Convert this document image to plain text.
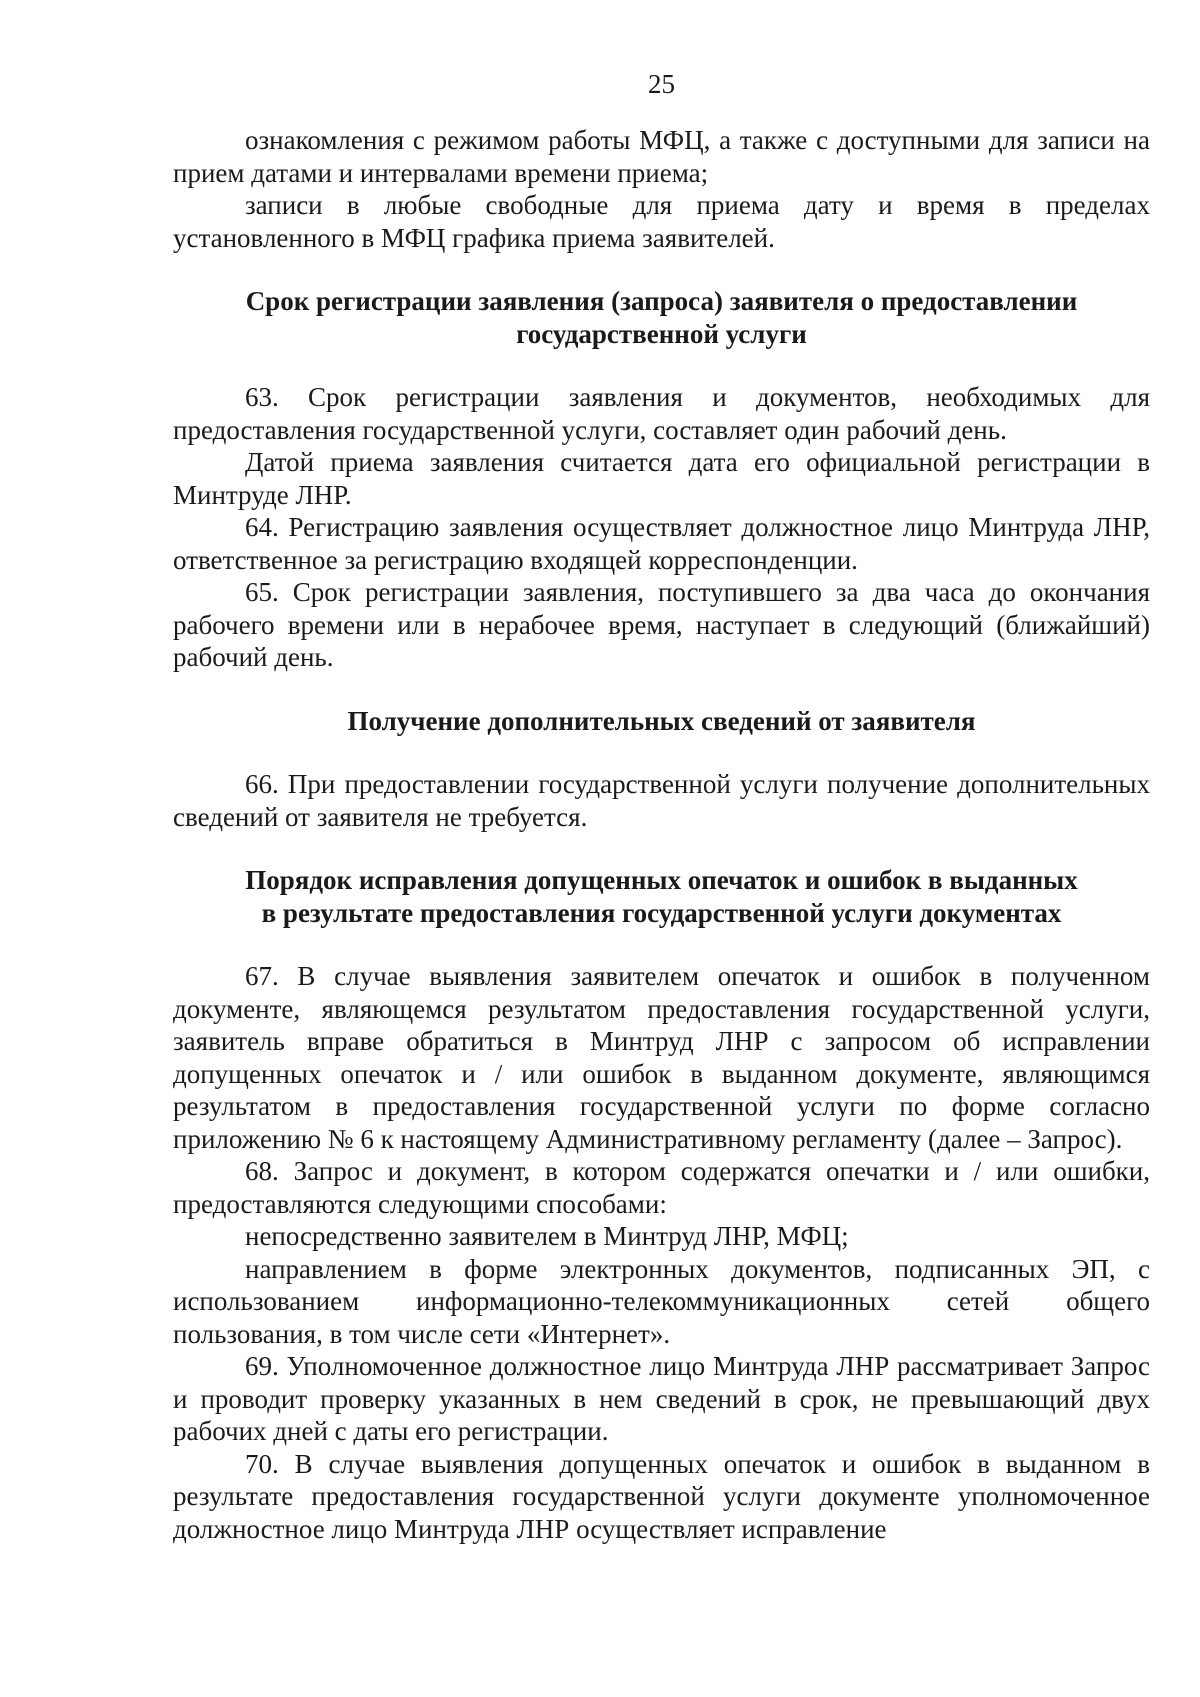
25

ознакомления с режимом работы МФЦ, а также с доступными для записи на прием датами и интервалами времени приема;

записи в любые свободные для приема дату и время в пределах установленного в МФЦ графика приема заявителей.

Срок регистрации заявления (запроса) заявителя о предоставлении
государственной услуги

63. Срок регистрации заявления и документов, необходимых для предоставления государственной услуги, составляет один рабочий день.

Датой приема заявления считается дата его официальной регистрации в Минтруде ЛНР.

64. Регистрацию заявления осуществляет должностное лицо Минтруда ЛНР, ответственное за регистрацию входящей корреспонденции.

65. Срок регистрации заявления, поступившего за два часа до окончания рабочего времени или в нерабочее время, наступает в следующий (ближайший) рабочий день.

Получение дополнительных сведений от заявителя

66. При предоставлении государственной услуги получение дополнительных сведений от заявителя не требуется.

Порядок исправления допущенных опечаток и ошибок в выданных
в результате предоставления государственной услуги документах

67. В случае выявления заявителем опечаток и ошибок в полученном документе, являющемся результатом предоставления государственной услуги, заявитель вправе обратиться в Минтруд ЛНР с запросом об исправлении допущенных опечаток и / или ошибок в выданном документе, являющимся результатом в предоставления государственной услуги по форме согласно приложению № 6 к настоящему Административному регламенту (далее – Запрос).

68. Запрос и документ, в котором содержатся опечатки и / или ошибки, предоставляются следующими способами:

непосредственно заявителем в Минтруд ЛНР, МФЦ;

направлением в форме электронных документов, подписанных ЭП, с использованием информационно-телекоммуникационных сетей общего пользования, в том числе сети «Интернет».

69. Уполномоченное должностное лицо Минтруда ЛНР рассматривает Запрос и проводит проверку указанных в нем сведений в срок, не превышающий двух рабочих дней с даты его регистрации.

70. В случае выявления допущенных опечаток и ошибок в выданном в результате предоставления государственной услуги документе уполномоченное должностное лицо Минтруда ЛНР осуществляет исправление
